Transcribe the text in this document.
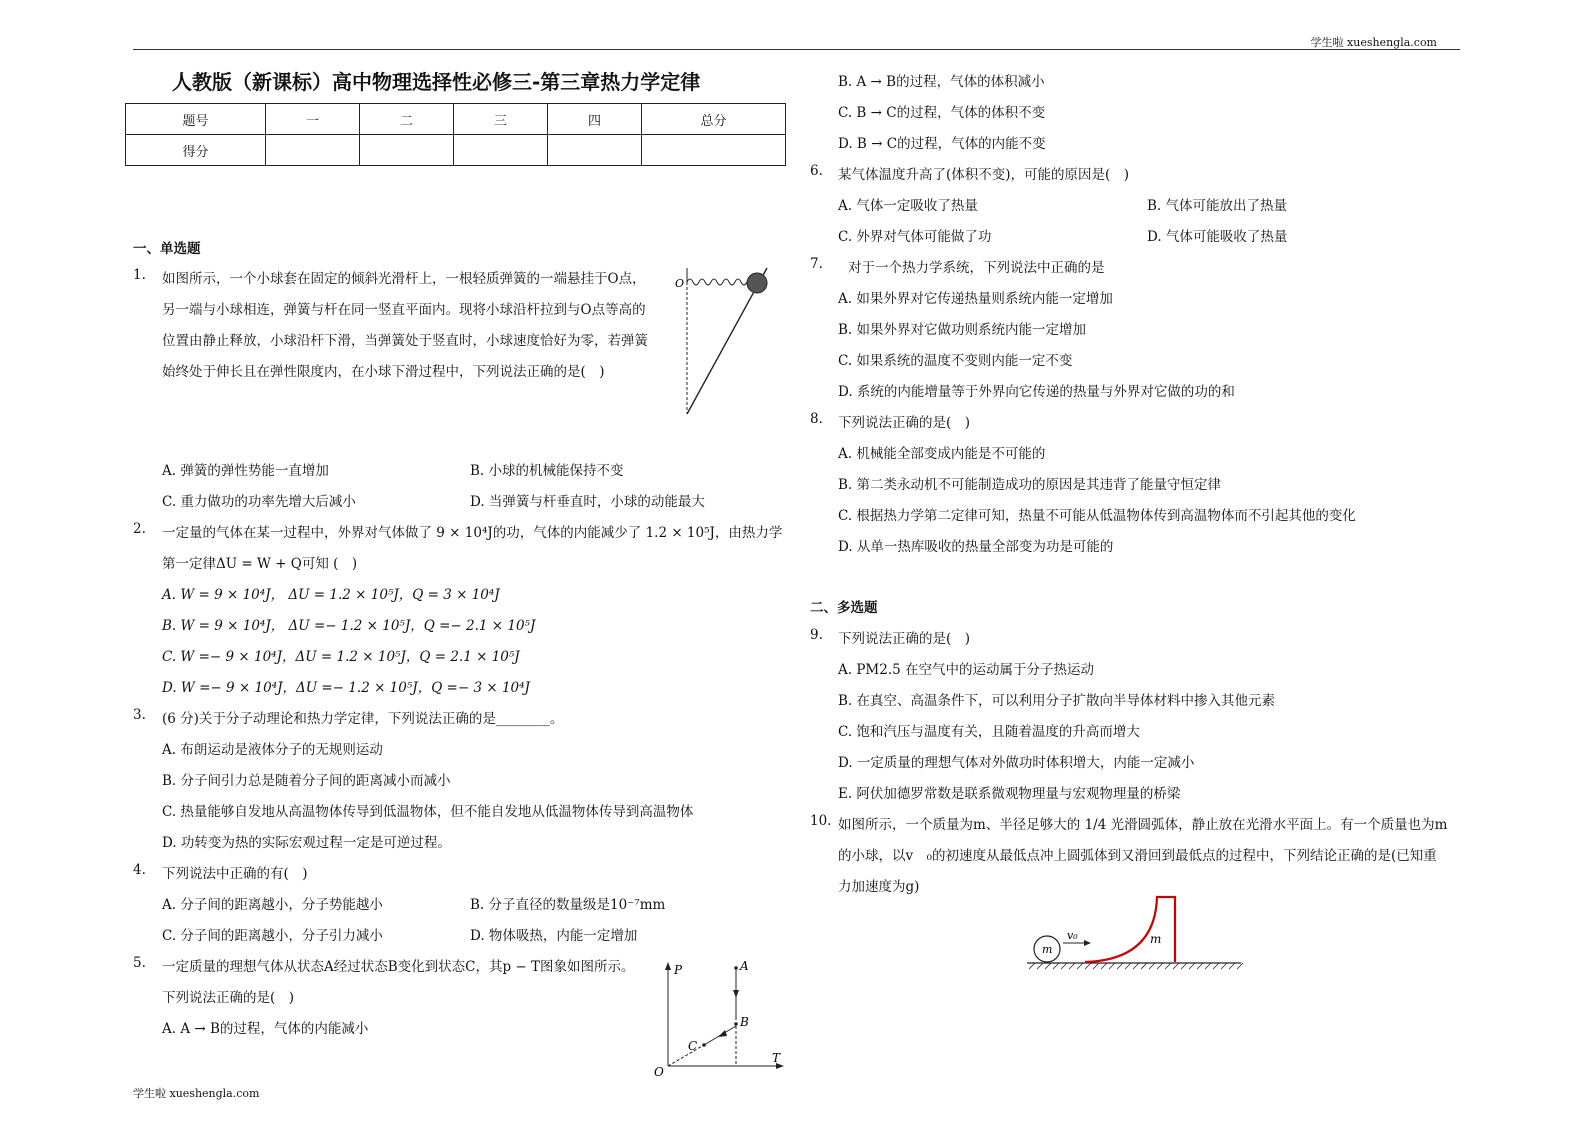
学生啦 xueshengla.com
学生啦 xueshengla.com
人教版（新课标）高中物理选择性必修三-第三章热力学定律
题号	一	二	三	四	总分
得分					
一、单选题
1. 如图所示，一个小球套在固定的倾斜光滑杆上，一根轻质弹簧的一端悬挂于O点，
另一端与小球相连，弹簧与杆在同一竖直平面内。现将小球沿杆拉到与O点等高的
位置由静止释放，小球沿杆下滑，当弹簧处于竖直时，小球速度恰好为零，若弹簧
始终处于伸长且在弹性限度内，在小球下滑过程中，下列说法正确的是(　)
O
A. 弹簧的弹性势能一直增加	B. 小球的机械能保持不变
C. 重力做功的功率先增大后减小	D. 当弹簧与杆垂直时，小球的动能最大
2. 一定量的气体在某一过程中，外界对气体做了 9 × 10⁴J的功，气体的内能减少了 1.2 × 10⁵J，由热力学
第一定律ΔU = W + Q可知 (　)
A. W = 9 × 10⁴J， ΔU = 1.2 × 10⁵J，Q = 3 × 10⁴J
B. W = 9 × 10⁴J， ΔU =− 1.2 × 10⁵J，Q =− 2.1 × 10⁵J
C. W =− 9 × 10⁴J，ΔU = 1.2 × 10⁵J，Q = 2.1 × 10⁵J
D. W =− 9 × 10⁴J，ΔU =− 1.2 × 10⁵J，Q =− 3 × 10⁴J
3. (6 分)关于分子动理论和热力学定律，下列说法正确的是________。
A. 布朗运动是液体分子的无规则运动
B. 分子间引力总是随着分子间的距离减小而减小
C. 热量能够自发地从高温物体传导到低温物体，但不能自发地从低温物体传导到高温物体
D. 功转变为热的实际宏观过程一定是可逆过程。
4. 下列说法中正确的有(　)
A. 分子间的距离越小，分子势能越小	B. 分子直径的数量级是10⁻⁷mm
C. 分子间的距离越小，分子引力减小	D. 物体吸热，内能一定增加
5. 一定质量的理想气体从状态A经过状态B变化到状态C，其p − T图象如图所示。
下列说法正确的是(　)
A. A → B的过程，气体的内能减小
P
T
O
A
B
C
B. A → B的过程，气体的体积减小
C. B → C的过程，气体的体积不变
D. B → C的过程，气体的内能不变
6. 某气体温度升高了(体积不变)，可能的原因是(　)
A. 气体一定吸收了热量	B. 气体可能放出了热量
C. 外界对气体可能做了功	D. 气体可能吸收了热量
7. 对于一个热力学系统，下列说法中正确的是
A. 如果外界对它传递热量则系统内能一定增加
B. 如果外界对它做功则系统内能一定增加
C. 如果系统的温度不变则内能一定不变
D. 系统的内能增量等于外界向它传递的热量与外界对它做的功的和
8. 下列说法正确的是(　)
A. 机械能全部变成内能是不可能的
B. 第二类永动机不可能制造成功的原因是其违背了能量守恒定律
C. 根据热力学第二定律可知，热量不可能从低温物体传到高温物体而不引起其他的变化
D. 从单一热库吸收的热量全部变为功是可能的
二、多选题
9. 下列说法正确的是(　)
A. PM2.5 在空气中的运动属于分子热运动
B. 在真空、高温条件下，可以利用分子扩散向半导体材料中掺入其他元素
C. 饱和汽压与温度有关，且随着温度的升高而增大
D. 一定质量的理想气体对外做功时体积增大，内能一定减小
E. 阿伏加德罗常数是联系微观物理量与宏观物理量的桥梁
10. 如图所示，一个质量为m、半径足够大的 1/4 光滑圆弧体，静止放在光滑水平面上。有一个质量也为m
的小球，以v　₀的初速度从最低点冲上圆弧体到又滑回到最低点的过程中，下列结论正确的是(已知重
力加速度为g)
m
v₀	m
